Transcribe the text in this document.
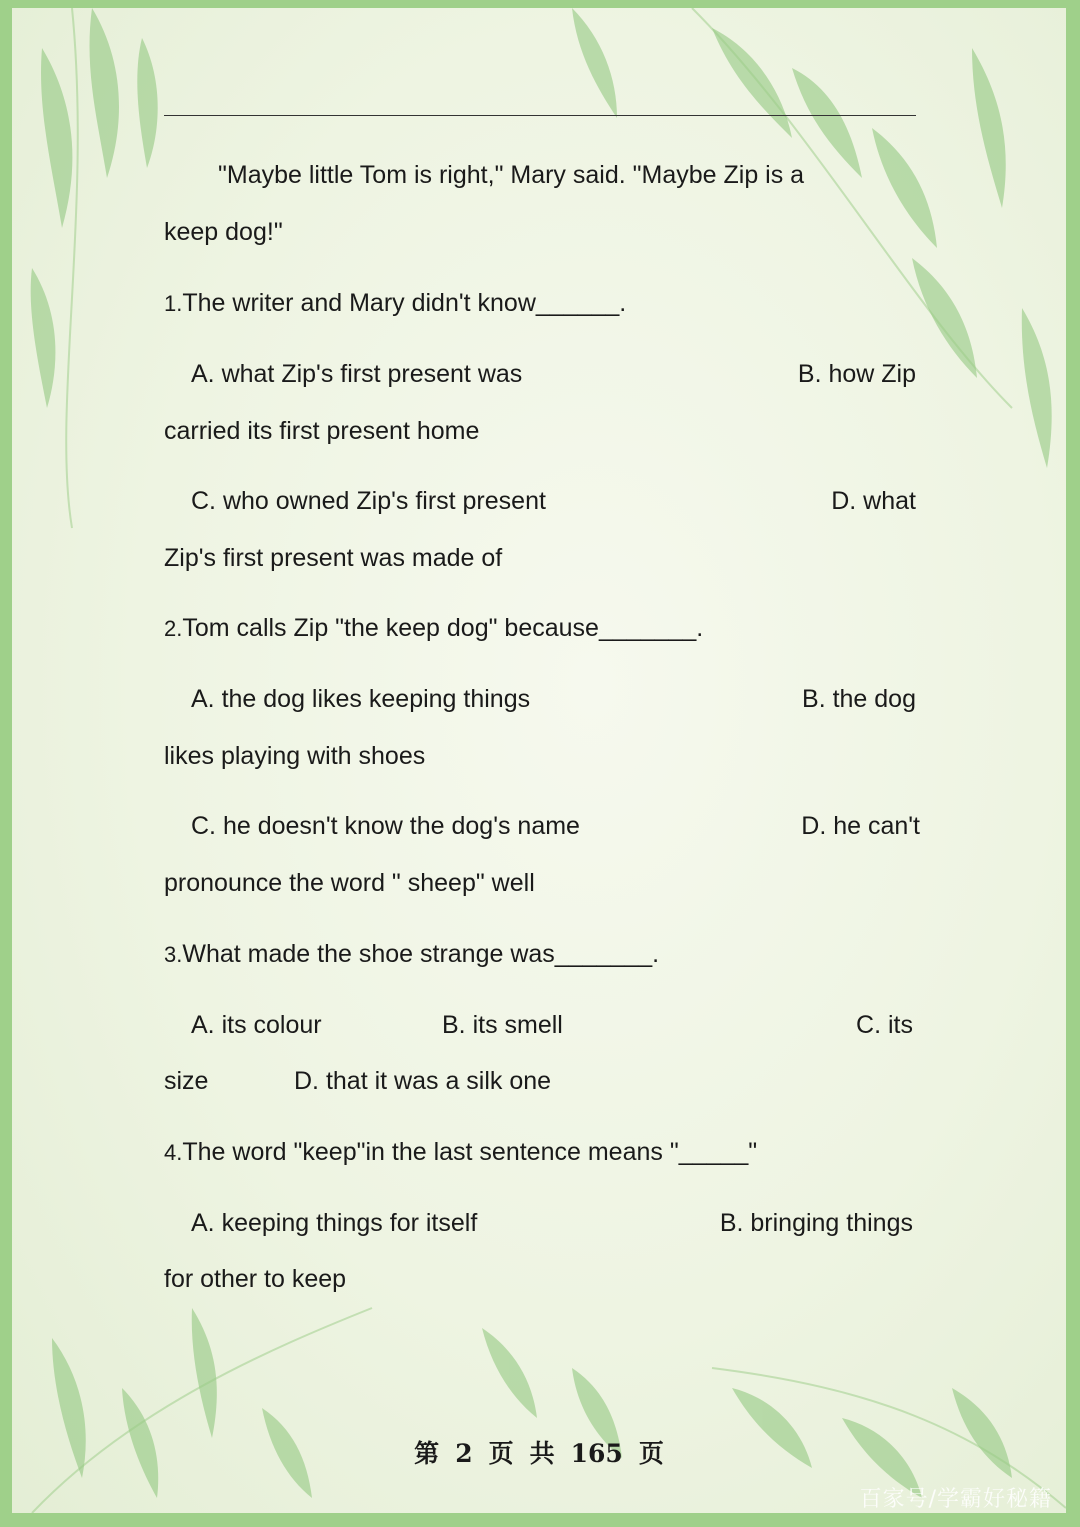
"Maybe little Tom is right," Mary said. "Maybe Zip is a
keep dog!"
1.The writer and Mary didn't know______.
A. what Zip's first present was	B. how Zip
carried its first present home
C. who owned Zip's first present	D. what
Zip's first present was made of
2.Tom calls Zip "the keep dog" because_______.
A. the dog likes keeping things	B. the dog
likes playing with shoes
C. he doesn't know the dog's name	D. he can't
pronounce the word " sheep" well
3.What made the shoe strange was_______.
A. its colour	B. its smell	C. its
size	D. that it was a silk one
4.The word "keep"in the last sentence means "_____"
A. keeping things for itself	B. bringing things
for other to keep
第 2 页 共 165 页
百家号/学霸好秘籍
